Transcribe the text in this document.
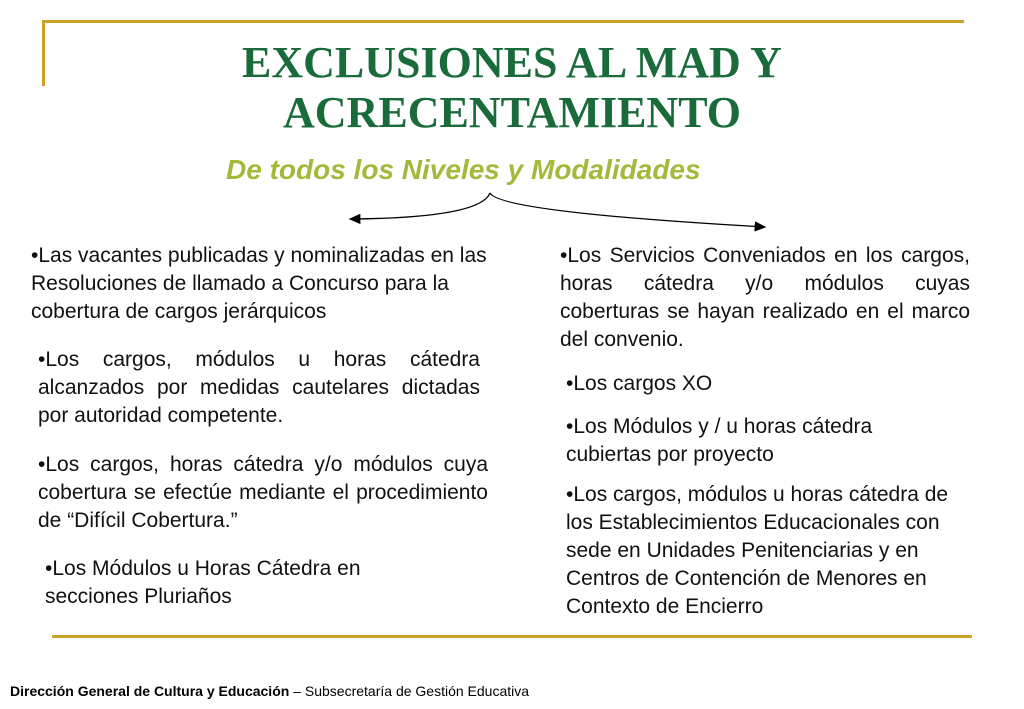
EXCLUSIONES AL MAD Y
ACRECENTAMIENTO

De todos los Niveles y Modalidades

•Las vacantes publicadas y nominalizadas en las Resoluciones de llamado a Concurso para la cobertura de cargos jerárquicos

•Los cargos, módulos u horas cátedra alcanzados por medidas cautelares dictadas por autoridad competente.

•Los cargos, horas cátedra y/o módulos cuya cobertura se efectúe mediante el procedimiento de “Difícil Cobertura.”

•Los Módulos u Horas Cátedra en secciones Pluriaños

•Los Servicios Conveniados en los cargos, horas cátedra y/o módulos cuyas coberturas se hayan realizado en el marco del convenio.

•Los cargos XO

•Los Módulos y / u horas cátedra cubiertas por proyecto

•Los cargos, módulos u horas cátedra de los Establecimientos Educacionales con sede en Unidades Penitenciarias y en Centros de Contención de Menores en Contexto de Encierro

Dirección General de Cultura y Educación – Subsecretaría de Gestión Educativa
